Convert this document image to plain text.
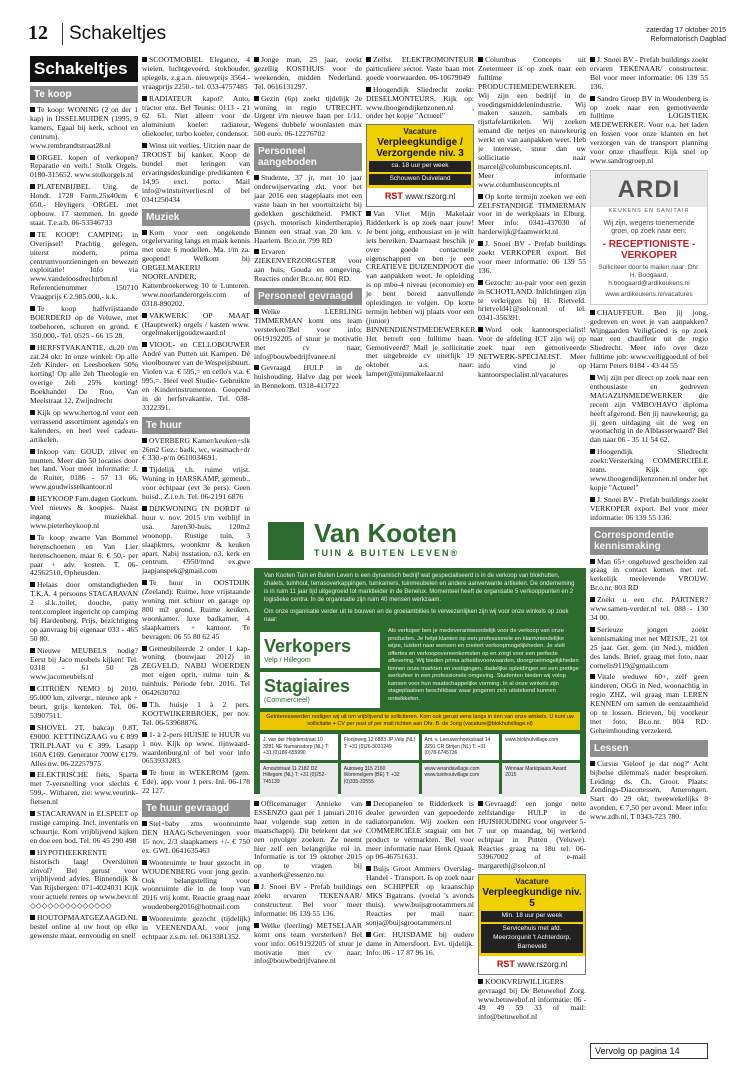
12	Schakeltjes	zaterdag 17 oktober 2015
Reformatorisch Dagblad
Schakeltjes
Te koop

Te koop: WONING (2 on der 1 kap) in IJSSELMUIDEN (1995, 9 kamers, Egaal bij kerk, school en centrum). www.rembrandtstraat28.nl

ORGEL kopen of verkopen? Reparatie en verh.! Stolk Orgels. 0180-315652. www.stolkorgels.nl

PLATENBIJBEL Uitg. de Hondt. 1728 Form.25x40cm € 650.- Heyligers ORGEL met opbouw. 17 stemmen. In goede staat. T.e.a.b. 06-53346733

TE KOOP! CAMPING in Overijssel! Prachtig gelegen, uiterst modern, prima centrumvoorzieningen en bewezen exploitatie! Info via www.vandeloosdrechtrbm.nl Referentienummer 150710 Vraagprijs € 2.985.000,- k.k.

Te koop halfvrijstaande BOERDERIJ op de Veluwe, met toebehoren, schuren en grond. € 350.000,- Tel. 0525 - 66 15 28.

HERFSTVAKANTIE, di.20 t/m zat.24 okt: In onze winkel: Op alle 2eh Kinder- en Leesboeken 50% korting! Op alle 2eh Theologie en overige 2eh 25% korting! Boekhandel De Roo, Van Meelstraat 12, Zwijndrecht

Kijk op www.hertog.nl voor een verrassend assortiment agenda's en kalenders, en heel veel cadeau-artikelen.

Inkoop van: GOUD, zilver en munten. Meer dan 50 locaties door het land. Voor meer informatie: J. de Ruiter, 0186 - 57 13 66, www.goudwisselkantoor.nl

HEYKOOP Fam.dagen Gorkum. Veel nieuws & koopjes. Naast ingang muziekhal. www.pieterheykoop.nl

Te koop zwarte Van Bommel herenschoenen en Van Lier herenschoenen, maat 6. € 50,- per paar + adv. kosten. T. 06-42562510, Opheusden.

Helaas door omstandigheden T.K.A. 4 persoons STACARAVAN 2 sl.k.,toilet, douche, patty tent.compleet ingericht op camping bij Hardenberg. Prijs, bezichtiging op aanvraag bij eigenaar 033 - 465 50 80.

Nieuwe MEUBELS nodig? Eerst bij Jaco meubels kijken! Tel. 0318 - 61 50 28 www.jacomeubels.nl

CITROËN NEMO bj 2010, 95.000 km, zilvergr., nieuwe apk + beurt, grijs kenteken. Tel. 06-53907511.

SHOVEL 2T, bakcap 0.8T, €9000. KETTINGZAAG vu € 899 TRILPLAAT vu € 399. Lasapp 160A €169. Generator 700W €179. Alles nw. 06-22257975

ELEKTRISCHE fiets, Sparta met 7-versnelling voor slechts € 599,-. Witharen, zie: www.veurink-fietsen.nl

STACARAVAN in ELSPEET op rustige camping. Incl. inventaris en schuurtje. Kom vrijblijvend kijken en doe een bod. Tel. 06 45 290 498

HYPOTHEEKRENTE historisch laag! Oversluiten zinvol? Bel gerust voor vrijblijvend advies. Binnendijk & Van Rijsbergen: 071-4024031 Kijk voor actuele rentes op www.bevr.nl ◇◇◇◇◇◇◇◇◇◇◇◇◇◇

HOUTOPMAATGEZAAGD.NL bestel online al uw hout op elke gewenste maat, eenvoudig en snel!

SCOOTMOBIEL Elegance, 4 wielen, luchtgeveerd, stokhouder, spiegels, z.g.a.n. nieuwprijs 3564.- vraagprijs 2250.- tel. 033-4757485

RADIATEUR kapot? Auto, tractor enz. Bel Teunis: 0113 - 21 62 61. Niet alleen voor de aluminium koeler: radiateur, oliekoeler, turbo koeler, condensor.

Winst uit verlies, Uitzien naar de TROOST bij kanker. Koop de bundel met leringen van ervaringsdeskundige predikanten € 14,95 excl. porto. Mail info@winstuitverlies.nl of bel 0341250434

Muziek

Kom voor een ongekende orgelervaring langs en maak kennis met onze 6 modellen. Ma. t/m za. geopend! Welkom bij ORGELMAKERIJ NOORLANDER, Kattenbroekerweg 10 te Lunteren. www.noorlanderorgels.com of 0318-890202.

VAKWERK OP MAAT (Hauptwerk) orgels / kasten www. orgelmakerijgoudzwaard.nl

VIOOL- en CELLOBOUWER André van Putten uit Kampen. Dé vioolbouwer van de Wespeijsbuurt. Violen v.a. € 595,= en cello's v.a. € 995,=. Heel veel Studie- Gebruikte en Kinderinstrumenten. Geopend in de herfstvakantie. Tel. 038-3322391.

Te huur

OVERBERG Kamer/keuken+slk 26m2 Gez.: badk, wc, wasmach+dr € 330.-p/m 0610034691.

Tijdelijk t.h. ruime vrijst. Woning in HARSKAMP, gemeub., voor echtpaar (evt 3e pers). Geen huisd., Z.i.e.h. Tel. 06-2191 6876

DIJKWONING IN DORDT te huur v. nov. 2015 t/m verblijf in usa. Jaren30-huis, 120m2 woonopp. Rustige tuin, 3 slaapkmrs, woonkmr & keuken apart. Nabij nsstation, n3, kerk en centrum. €950/mnd ex.gwe jaapjanspek@gmail.com

Te huur in OOSTDIJK (Zeeland): Ruime, luxe vrijstaande woning met schuur en garage op 800 m2 grond. Ruime keuken, woonkamer, luxe badkamer, 4 slaapkamers + kantoor. Te bevragen: 06 55 80 62 45

Gemeubileerde 2 onder 1 kap-woning (bouwjaar 2012) in ZEGVELD, NABIJ WOERDEN met eigen oprit, ruime tuin & tuinhuis. Periode febr. 2016. Tel 0642630702

T.h. huisje 1 à 2 pers. KOOTWIJKERBROEK, per nov. Tel. 06-53968876.

1- à 2-pers HUISJE te HUUR vu 1 nov. Kijk op www. rijnwaard-waardenburg.nl of bel voor info 0653933283.

Te huur in WEKEROM (gem. Ede), app. voor 1 pers. Inl. 06-178 22 127.

Te huur gevraagd

Stel+baby zms woonruimte DEN HAAG/Scheveningen voor 15 nov, 2/3 slaapkamers +/- € 750 ex. GWL 0641635463

Woonruimte te huur gezocht in WOUDENBERG voor jong gezin. Ook belangstelling voor woonruimte die in de loop van 2016 vrij komt. Reactie graag naar woudenberg2016@hotmail.com

Woonruimte gezocht (tijdelijk) in VEENENDAAL voor jong echtpaar z.s.m. tel. 0613381352.

Jonge man, 25 jaar, zoekt gezellig KOSTHUIS voor de weekenden, midden Nederland. Tel. 0616131297.

Gezin (6p) zoekt tijdelijk 2e woning in regio UTRECHT. Urgent i/m nieuwe baan per 1/11. Wegens dubbele woonlasten max 500 euro. 06-12276702

Personeel aangeboden

Studente, 37 jr, met 10 jaar onderwijservaring zkt. voor het jaar 2016 een stageplaats met een vaste baan in het voortuitzicht bij gedekken geschiktheid. PMKT (psych. motorisch kindertherapie) Binnen een straal van 20 km. v. Haarlem. Br.o.nr. 799 RD

Ervaren ZIEKENVERZORGSTER voor aan huis, Gouda en omgeving. Reacties onder Br.o.nr. 801 RD.

Personeel gevraagd

Welke LEERLING TIMMERMAN komt ons team versterken?Bel voor info; 0619192205 of stuur je motivatie met cv naar; info@bouwbedrijfvanee.nl

Gevraagd HULP in de huishouding. Halve dag per week in Bennekom. 0318-413722

Zelfst. ELEKTROMONTEUR particuliere sector. Vaste baan met goede voorwaarden. 06-10679049

Hoogendijk Sliedrecht zoekt: DIESELMONTEURS. Kijk op: www.thoogendijkenzonen.nl , onder het kopje "Actueel"

Vacature
Verpleegkundige / Verzorgende niv. 3
ca. 18 uur per week
Schouwen Duiveland
RST www.rszorg.nl

Van Vliet Mijn Makelaar Ridderkerk is op zoek naar jouw! Je bent jong, enthousiast en je wilt iets bereiken. Daarnaast beschik je over goede contactuele eigenschappen en ben je een CREATIEVE DUIZENDPOOT die van aanpakken weet. Je opleiding is op mbo-4 niveau (economie) en je bent bereid aanvullende opleidingen te volgen. Op korte termijn hebben wij plaats voor een (junior) BINNENDIENSTMEDEWERKER. Het betreft een fulltime baan. Gemotiveerd? Mail je sollicitatie met uitgebreide cv uiterlijk 19 oktober a.s. naar: lamper@mijnmakelaar.nl

Columbus Concepts uit Zoetermeer is op zoek naar een fulltime PRODUCTIEMEDEWERKER. Wij zijn een bedrijf in de voedingsmiddelenindustrie. Wij maken sauzen, sambals en rijsttafelartikelen. Wij zoeken iemand die netjes en nauwkeurig werkt en van aanpakken weet. Heb je interesse, stuur dan uw sollicitatie naar marcel@columbusconcepts.nl. Meer informatie www.columbusconcepts.nl

Op korte termijn zoeken we een ZELFSTANDIGE TIMMERMAN voor in de werkplaats in Elburg. Meer info: 0341-437030 of harderwijk@faamwerkt.nl

J. Snoei BV - Prefab buildings zoekt VERKOPER export. Bel voor meer informatie: 06 139 55 136.

Gezocht: au-pair voor een gezin in SCHOTLAND. Inlichtingen zijn te verkrijgen bij H. Rietveld. hrietveld41@solcon.nl of tel. 0341-356391.

Word ook kantoorspecialist! Voor de afdeling ICT zijn wij op zoek naar een gemotiveerde NETWERK-SPECIALIST. Meer info vind je op kantoorspecialist.nl/vacatures

J. Snoei BV - Prefab buildings zoekt ervaren TEKENAAR/ constructeur. Bel voor meer informatie: 06 139 55 136.

Sandro Groep BV in Woudenberg is op zoek naar een gemotiveerde fulltime LOGISTIEK MEDEWERKER. Voor o.a. het laden en lossen voor onze klanten en het verzorgen van de transport planning voor onze chauffeur. Kijk snel op www.sandrogroep.nl

ARDI
KEUKENS EN SANITAIR
Wij zijn, wegens toenemende groei, op zoek naar een:
- RECEPTIONISTE - VERKOPER
Solliciteer door te mailen naar: Dhr. H. Boogaard, h.boogaard@ardikeukens.nl
www.ardikeukens.nl/vacatures

CHAUFFEUR. Ben jij jong, gedreven en weet je van aanpakken? Wijngaarden VeiligGoed is op zoek naar een chauffeur uit de regio Sliedrecht. Meer info over deze fulltime job: www.veiliggoed.nl of bel Harm Peters 0184 - 43 44 55

Wij zijn per direct op zoek naar een enthousiaste en gedreven MAGAZIJNMEDEWERKER die recent zijn VMBO/HAVO diploma heeft afgerond. Ben jij nauwkeurig, ga jij geen uitdaging uit de weg en woonachtig in de Alblasserwaard? Bel dan naar 06 - 35 11 54 62.

Hoogendijk Sliedrecht zoekt:Versterking COMMERCIËLE team. Kijk op: www.thoogendijkenzonen.nl onder het kopje "Actueel"

J. Snoei BV - Prefab buildings zoekt VERKOPER export. Bel voor meer informatie: 06 139 55 136.

Correspondentie kennismaking

Man 65+ ongehuwd gescheiden zal graag in contact komen met ref. kerkelijk meelevende VROUW. Br.o.nr. 803 RD

Zoekt u een chr. PARTNER? www.samen-verder.nl tel. 088 - 130 34 00.

Serieuze jongen zoekt kennismaking met net MEISJE, 21 tot 25 jaar. Ger. gem. (in Ned.), midden des lands. Brief, graag met foto, naar cornelis9119@gmail.com

Vitale weduwe 60+, zelf geen kinderen, OGG in Ned, woonachtig in regio ZHZ, wil graag man LEREN KENNEN om samen de eenzaamheid op te lossen. Brieven, bij voorkeur met foto, Br.o.nr. 804 RD. Geheimhouding verzekerd.

Lessen

Cursus 'Geloof je dat nog?' Acht bijbelse dilemma's nader besproken. Leiding: ds. Ch. Groot. Plaats: Zendings-Diaconessen, Amerongen. Start do 29 okt; tweewekelijks 8 avonden, € 7,50 per avond. Meer info: www.zdh.nl, T 0343-723 780.

Van Kooten
TUIN & BUITEN LEVEN®
Van Kooten Tuin en Buiten Leven is een dynamisch bedrijf wat gespecialiseerd is in de verkoop van blokhutten, chalets, tuinhout, terrasoverkappingen, tuinkamers, tuinmeubelen en andere aanverwante artikelen. De onderneming is in ruim 11 jaar tijd uitgegroeid tot marktleider in de Benelux. Momenteel heeft de organisatie 5 verkooppunten en 2 logistieke centra. In de organisatie zijn ruim 40 mensen werkzaam.
Om onze organisatie verder uit te bouwen en de groeiambities te verwezenlijken zijn wij voor onze winkels op zoek naar:
Verkopers
Velp / Hillegom
Stagiaires
(Commercieel)
Als verkoper ben je medeverantwoordelijk voor de verkoop van onze producten. Je helpt klanten op een professionele en klantvriendelijke wijze, luistert naar wensen en creëert verkoopmogelijkheden. Je stelt offertes en verkoopovereenkomsten op en zorgt voor een perfecte aflevering. Wij bieden prima arbeidsvoorwaarden, doorgroeimogelijkheden binnen onze markten en vestigingen, dadelijke opleidingen en een prettige werksfeer in een professionele omgeving. Studenten bieden wij volop kansen voor hun maatschappelijke vorming. In al onze winkels zijn stageplaatsen beschikbaar waar jongeren zich uitstekend kunnen ontwikkelen.
Geïnteresseerden nodigen wij uit om vrijblijvend te solliciteren. Kom ook gerust eens langs in één van onze winkels. U kunt uw sollicitatie + CV per post of per mail richten aan Dhr. B. de Jong (vacature@blokhutvillage.nl)
J. van der Heijdenstraat 10 3281 NE Numansdorp (NL) T: +31 (0)186-655990
Florijnweg 12 6883 JP Velp (NL) T: +31 (0)26-3031249
Ant. v. Leeuwenhoekstraat 14 2291 CR Strijen (NL) T: +31 (0)78-6745736
www.blokhutvillage.com
Arnoutstraat 11 2182 DZ Hillegom (NL) T: +31 (0)252-745139
Autoweg 315 2160 Wommelgem (BE) T: +32 (0)335-32555
www.verandavillage.com www.tuinhoutvillage.com
Winnaar Marktplaats Award 2015

Officemanager Annieke van ESSENZO gaat per 1 januari 2016 haar volgende stap zetten in de maatschappij. Dit betekent dat we een opvolger zoeken. Ze neemt hier zelf een belangrijke rol in. Informatie is tot 19 oktober 2015 op te vragen bij a.vanherk@essenzo.nu

J. Snoei BV - Prefab buildings zoekt ervaren TEKENAAR/ constructeur. Bel voor meer informatie: 06 139 55 136.

Welke (leerling) METSELAAR komt ons team versterken? Bel voor info: 0619192205 of stuur je motivatie met cv naar; info@bouwbedrijfvanee.nl

Decopanelen te Ridderkerk is dealer geworden van gepoederde radiatorpanelen. Wij zoeken een COMMERCIËLE stagiair om het product te vermarkten. Bel voor meer informatie naar Henk Quaak op 06-46751631.

Buijs Groot Ammers Overslag- Handel - Transport. Is op zoek naar een SCHIPPER op kraanschip MKS Bgatrans. (voelal 's avonds thuis). www.buijsgrootammers.nl Reacties per mail naar: sonja@buijsgrootammers.nl

Ger. HUISDAME bij oudere dame in Amersfoort. Evt. tijdelijk. Info: 06 - 17 87 96 16.

Gevraagd: een jonge nette zelfstandige HULP in de HUISHOUDING voor ongeveer 5-7 uur op maandag, bij werkend echtpaar in Putten (Veluwe). Reacties graag na 18u tel. 06-53967002 of e-mail margarethj@solcon.nl

Vacature
Verpleegkundige niv. 5
Min. 18 uur per week
Servicehuis met afd. Meerzorgunit 't Achterdorp, Barneveld
RST www.rszorg.nl

KOOKVRIJWILLIGERS gevraagd bij De Betuwehof Zorg. www.betuwehof.nl informatie: 06 - 49 49 59 33 of mail: info@betuwehof.nl

Vervolg op pagina 14
